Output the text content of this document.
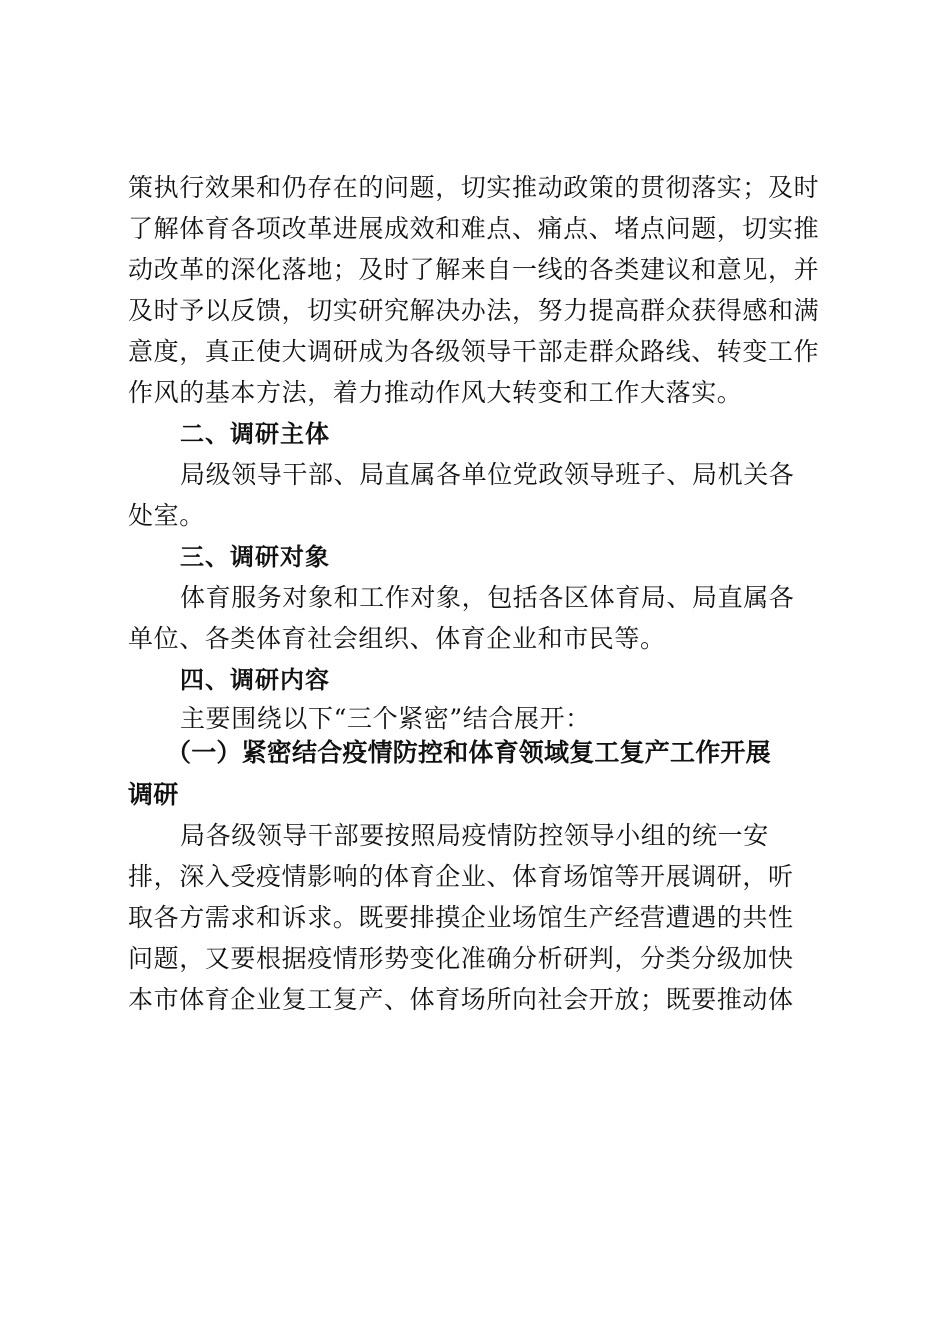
策执行效果和仍存在的问题，切实推动政策的贯彻落实；及时
了解体育各项改革进展成效和难点、痛点、堵点问题，切实推
动改革的深化落地；及时了解来自一线的各类建议和意见，并
及时予以反馈，切实研究解决办法，努力提高群众获得感和满
意度，真正使大调研成为各级领导干部走群众路线、转变工作
作风的基本方法，着力推动作风大转变和工作大落实。
二、调研主体
局级领导干部、局直属各单位党政领导班子、局机关各
处室。
三、调研对象
体育服务对象和工作对象，包括各区体育局、局直属各
单位、各类体育社会组织、体育企业和市民等。
四、调研内容
主要围绕以下“三个紧密”结合展开：
（一）紧密结合疫情防控和体育领域复工复产工作开展
调研
局各级领导干部要按照局疫情防控领导小组的统一安
排，深入受疫情影响的体育企业、体育场馆等开展调研，听
取各方需求和诉求。既要排摸企业场馆生产经营遭遇的共性
问题，又要根据疫情形势变化准确分析研判，分类分级加快
本市体育企业复工复产、体育场所向社会开放；既要推动体
